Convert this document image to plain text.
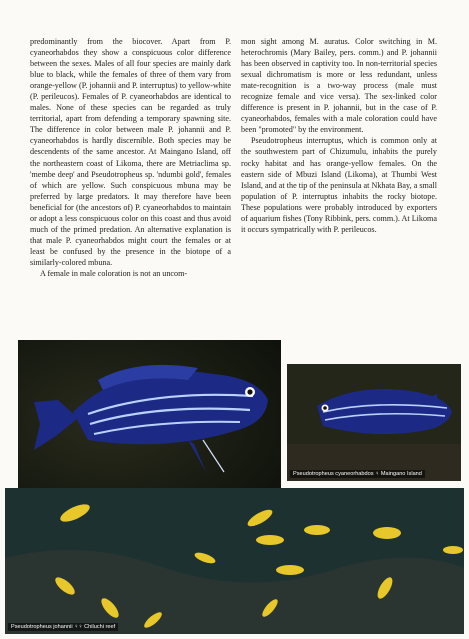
predominantly from the biocover. Apart from P. cyaneorhabdos they show a conspicuous color difference between the sexes. Males of all four species are mainly dark blue to black, while the females of three of them vary from orange-yellow (P. johannii and P. interruptus) to yellow-white (P. perileucos). Females of P. cyaneorhabdos are identical to males. None of these species can be regarded as truly territorial, apart from defending a temporary spawning site. The difference in color between male P. johannii and P. cyaneorhabdos is hardly discernible. Both species may be descendents of the same ancestor. At Maingano Island, off the northeastern coast of Likoma, there are Metriaclima sp. 'membe deep' and Pseudotropheus sp. 'ndumbi gold', females of which are yellow. Such conspicuous mbuna may be preferred by large predators. It may therefore have been beneficial for (the ancestors of) P. cyaneorhabdos to maintain or adopt a less conspicuous color on this coast and thus avoid much of the primed predation. An alternative explanation is that male P. cyaneorhabdos might court the females or at least be confused by the presence in the biotope of a similarly-colored mbuna.

A female in male coloration is not an uncom-

mon sight among M. auratus. Color switching in M. heterochromis (Mary Bailey, pers. comm.) and P. johannii has been observed in captivity too. In non-territorial species sexual dichromatism is more or less redundant, unless mate-recognition is a two-way process (male must recognize female and vice versa). The sex-linked color difference is present in P. johannii, but in the case of P. cyaneorhabdos, females with a male coloration could have been "promoted" by the environment.

Pseudotropheus interruptus, which is common only at the southwestern part of Chizumulu, inhabits the purely rocky habitat and has orange-yellow females. On the eastern side of Mbuzi Island (Likoma), at Thumbi West Island, and at the tip of the peninsula at Nkhata Bay, a small population of P. interruptus inhabits the rocky biotope. These populations were probably introduced by exporters of aquarium fishes (Tony Ribbink, pers. comm.). At Likoma it occurs sympatrically with P. perileucos.

Pseudotropheus cyaneorhabdos ♀ Maingano Island
Pseudotropheus johannii ♀♀ Chiluchi reef
